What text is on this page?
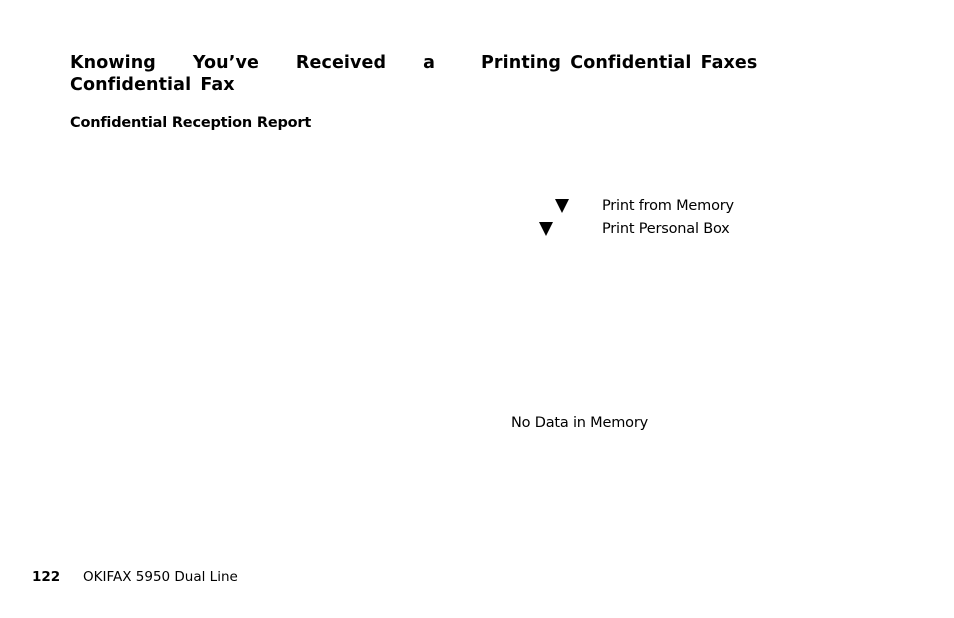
Knowing You’ve Received a Confidential Fax
Confidential Reception Report
Printing Confidential Faxes
Print from Memory
Print Personal Box
No Data in Memory
122 OKIFAX 5950 Dual Line
